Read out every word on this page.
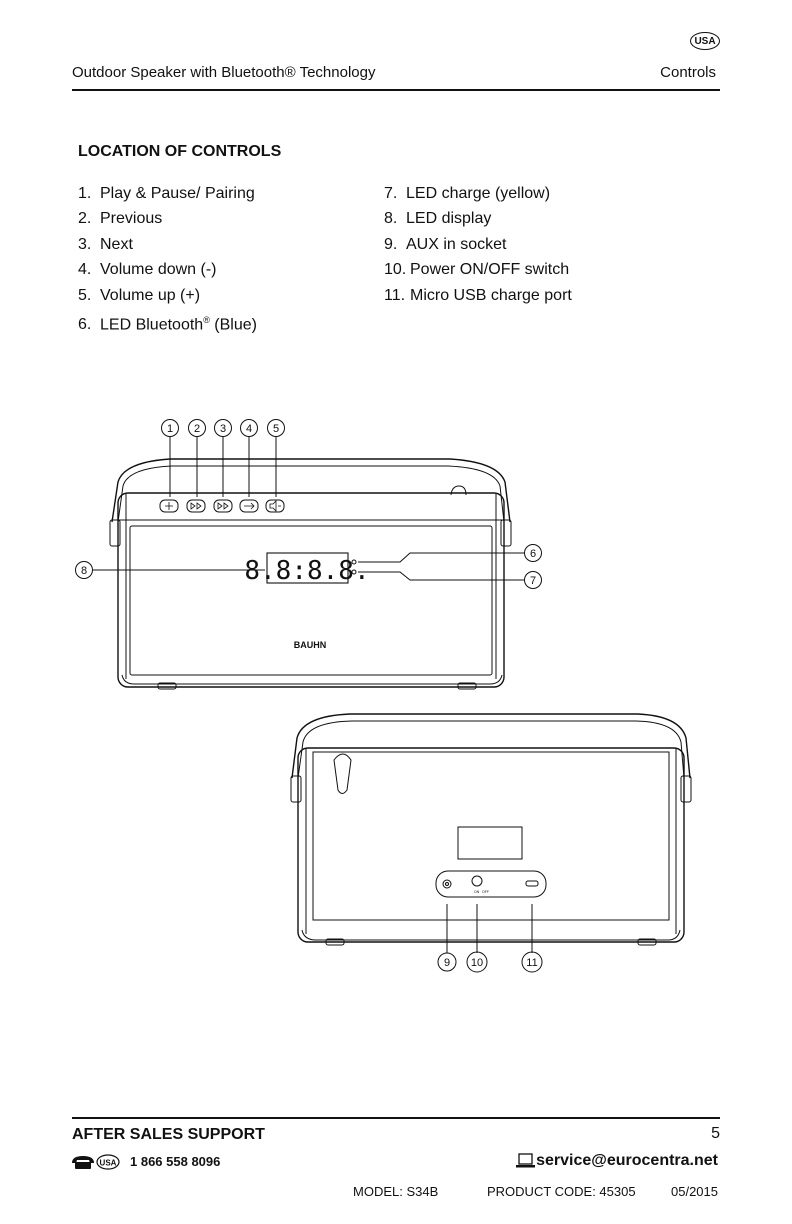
USA
Outdoor Speaker with Bluetooth® Technology	Controls
LOCATION OF CONTROLS
1. Play & Pause/ Pairing
2. Previous
3. Next
4. Volume down (-)
5. Volume up (+)
6. LED Bluetooth® (Blue)
7. LED charge (yellow)
8. LED display
9. AUX in socket
10. Power ON/OFF switch
11. Micro USB charge port
8.8:8.8.
BAUHN
ON OFF
1 2 3 4 5
6
7
8
9 10	11
USA
AFTER SALES SUPPORT	5
1 866 558 8096	service@eurocentra.net
MODEL: S34B	PRODUCT CODE: 45305	05/2015
